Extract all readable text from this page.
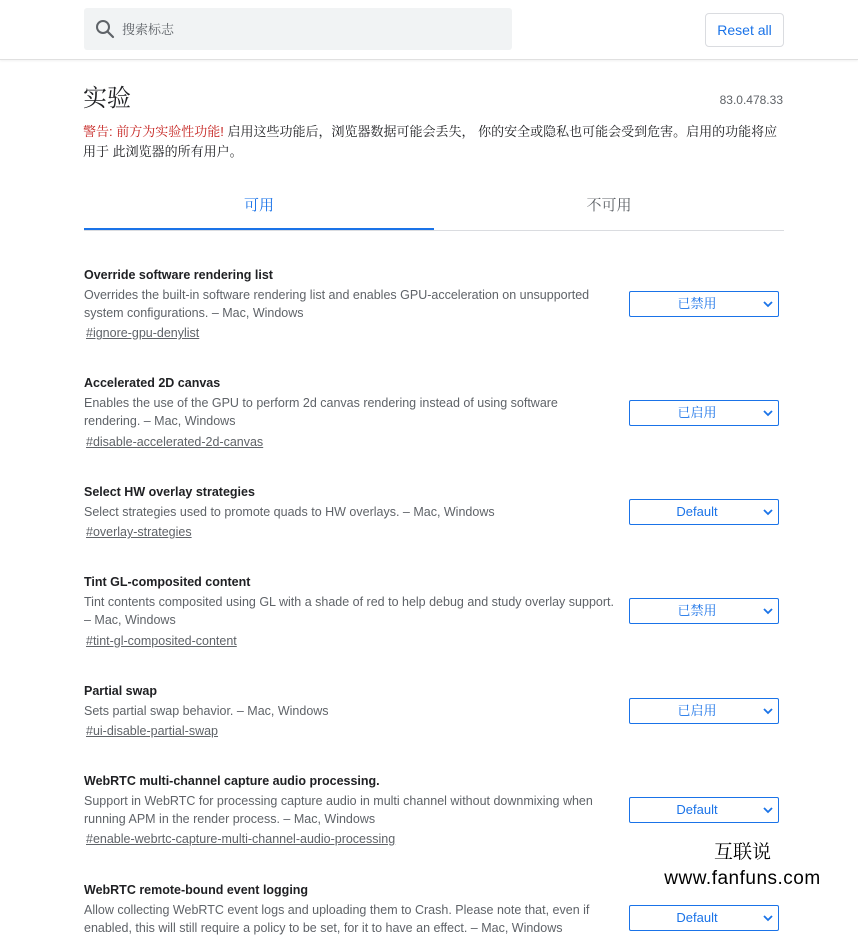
搜索标志
Reset all
实验	83.0.478.33

警告: 前方为实验性功能! 启用这些功能后，浏览器数据可能会丢失， 你的安全或隐私也可能会受到危害。启用的功能将应用于 此浏览器的所有用户。

可用	不可用
Override software rendering list

Overrides the built-in software rendering list and enables GPU-acceleration on unsupported system configurations. – Mac, Windows

#ignore-gpu-denylist
已禁用
Accelerated 2D canvas

Enables the use of the GPU to perform 2d canvas rendering instead of using software rendering. – Mac, Windows

#disable-accelerated-2d-canvas
已启用
Select HW overlay strategies

Select strategies used to promote quads to HW overlays. – Mac, Windows

#overlay-strategies
Default
Tint GL-composited content

Tint contents composited using GL with a shade of red to help debug and study overlay support. – Mac, Windows

#tint-gl-composited-content
已禁用
Partial swap

Sets partial swap behavior. – Mac, Windows

#ui-disable-partial-swap
已启用
WebRTC multi-channel capture audio processing.

Support in WebRTC for processing capture audio in multi channel without downmixing when running APM in the render process. – Mac, Windows

#enable-webrtc-capture-multi-channel-audio-processing
Default
WebRTC remote-bound event logging

Allow collecting WebRTC event logs and uploading them to Crash. Please note that, even if enabled, this will still require a policy to be set, for it to have an effect. – Mac, Windows

Default
互联说
www.fanfuns.com
